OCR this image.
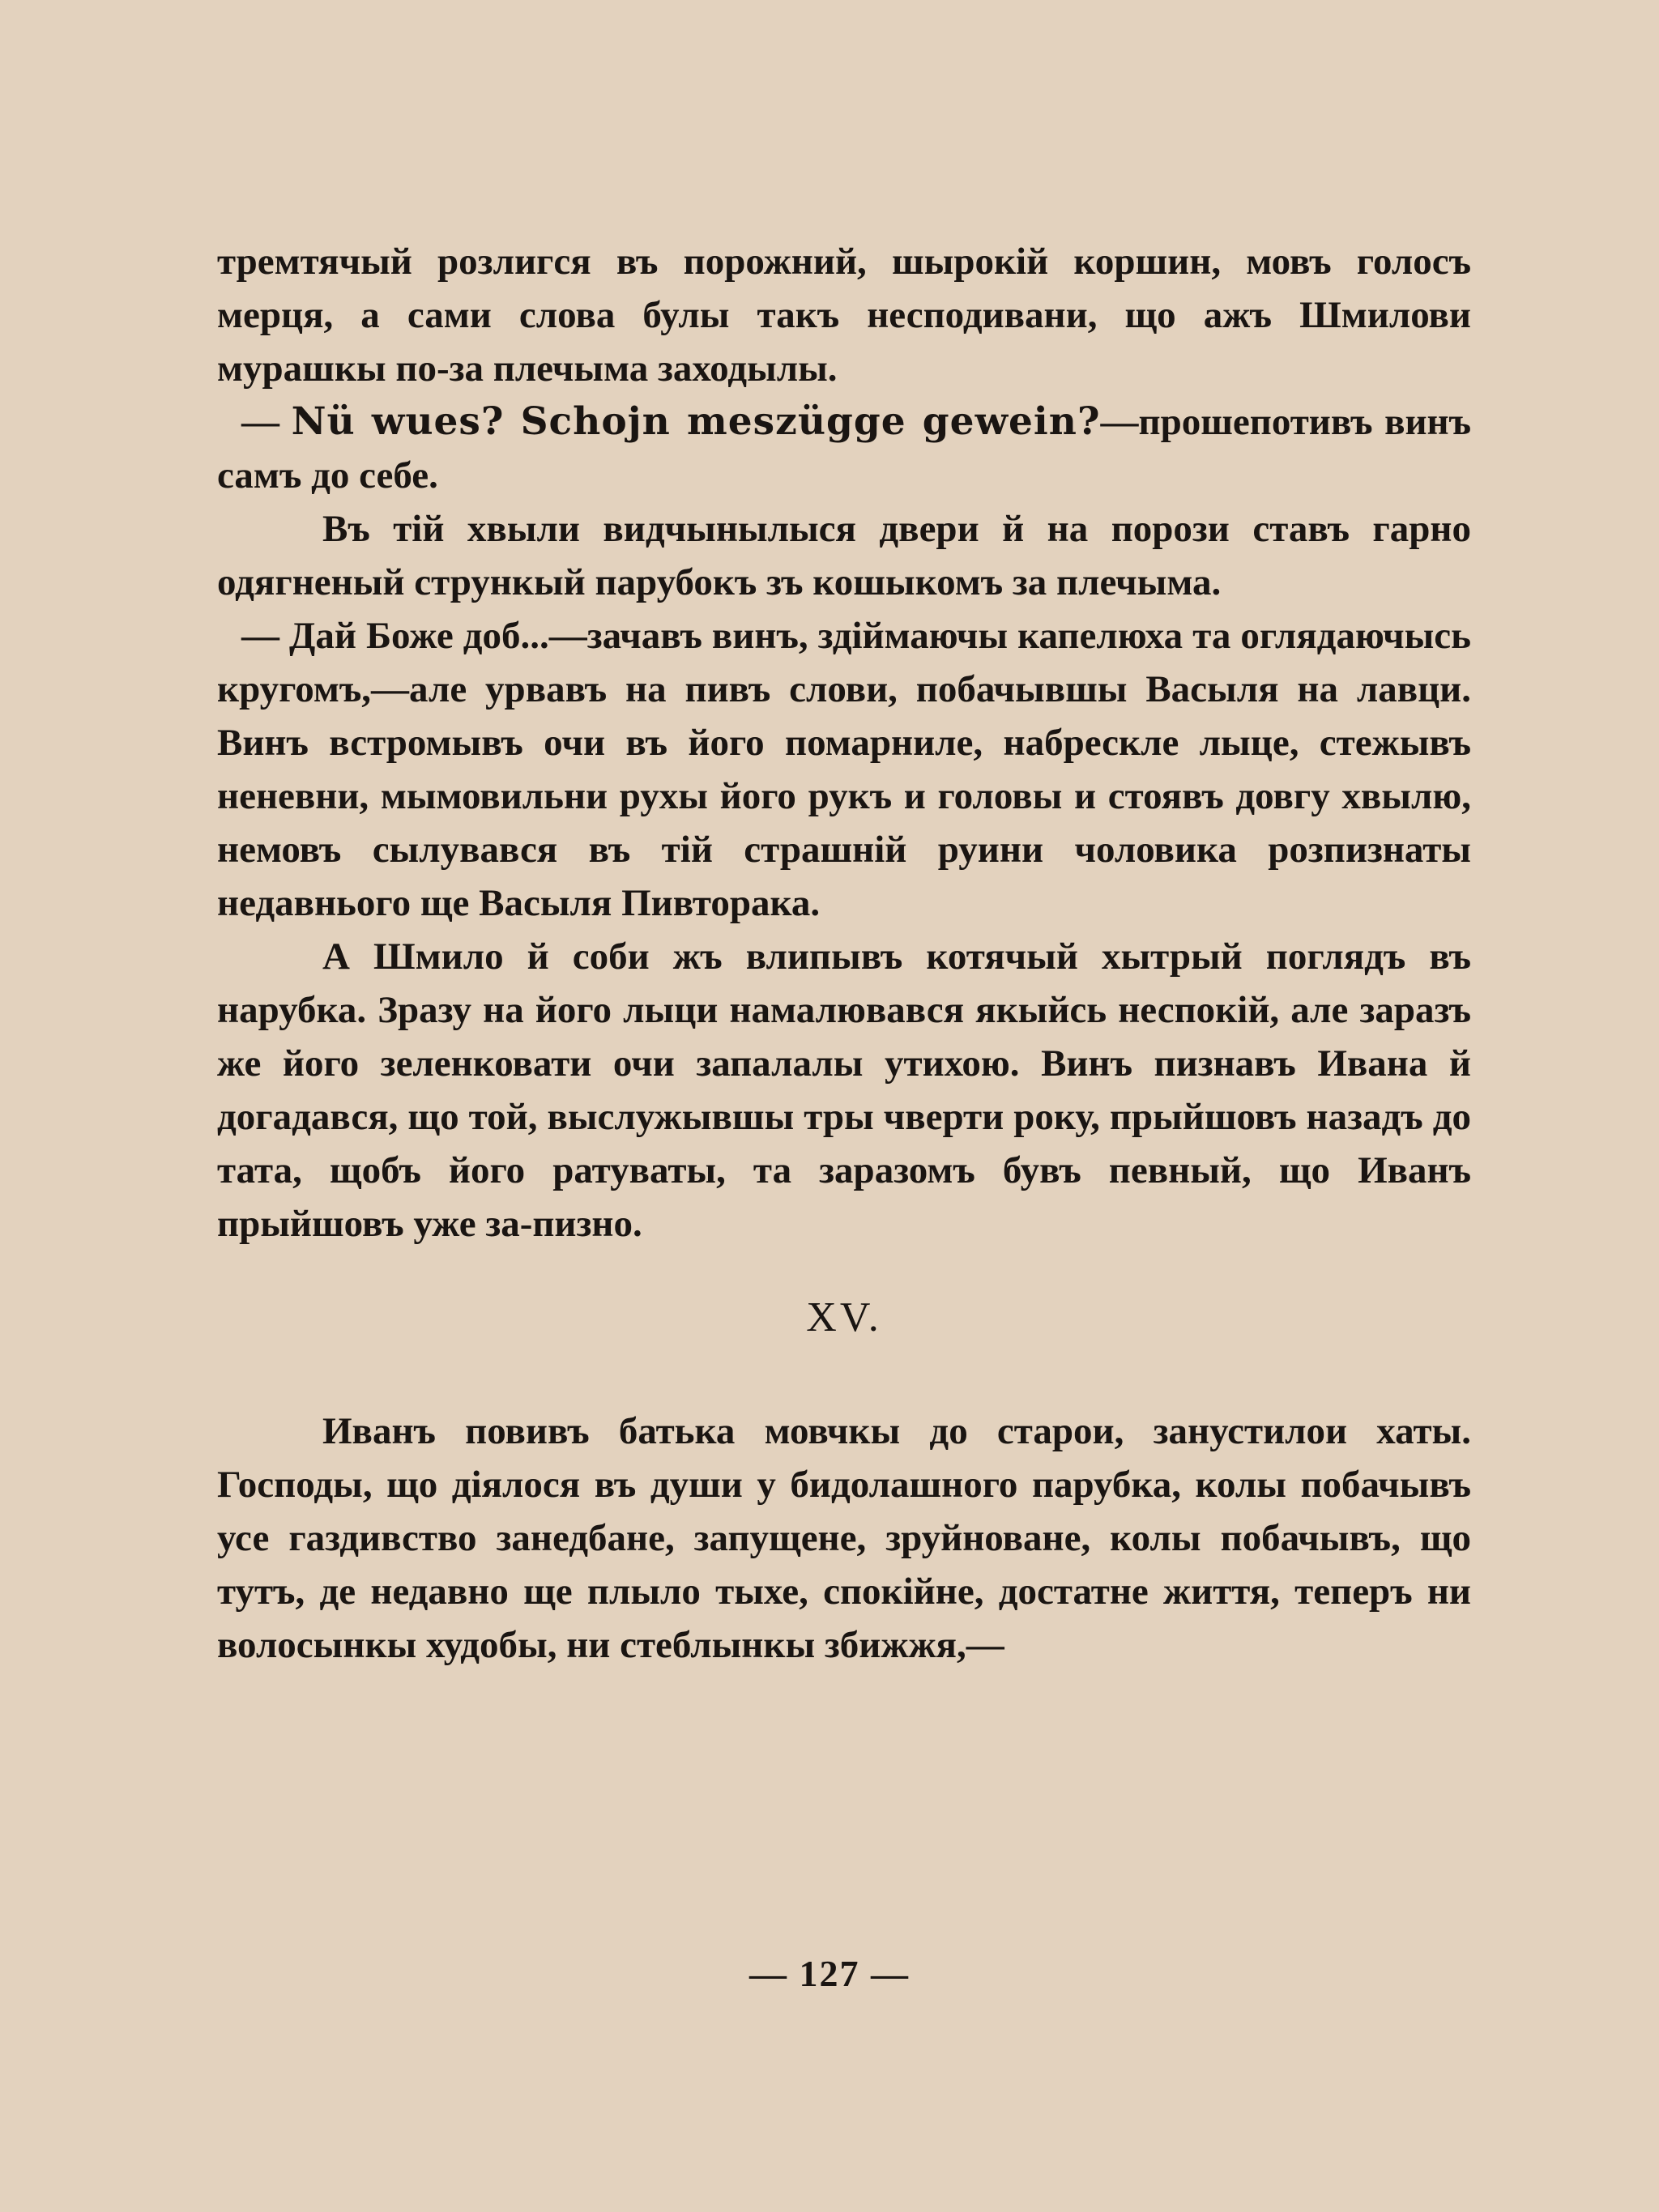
тремтячый розлигся въ порожний, шырокій коршин, мовъ голосъ мерця, а сами слова булы такъ несподивани, що ажъ Шмилови мурашкы по-за плечыма заходылы.

— Nü wues? Schojn meszügge gewein?—прошепотивъ винъ самъ до себе.

Въ тій хвыли видчынылыся двери й на порози ставъ гарно одягненый стрункый парубокъ зъ кошыкомъ за плечыма.

— Дай Боже доб...—зачавъ винъ, здіймаючы капелюха та оглядаючысь кругомъ,—але урвавъ на пивъ слови, побачывшы Васыля на лавци. Винъ встромывъ очи въ його помарниле, набрескле лыце, стежывъ неневни, мымовильни рухы його рукъ и головы и стоявъ довгу хвылю, немовъ сылувався въ тій страшній руини чоловика розпизнаты недавнього ще Васыля Пивторака.

А Шмило й соби жъ влипывъ котячый хытрый поглядъ въ нарубка. Зразу на його лыци намалювався якыйсь неспокій, але заразъ же його зеленковати очи запалалы утихою. Винъ пизнавъ Ивана й догадався, що той, выслужывшы тры чверти року, прыйшовъ назадъ до тата, щобъ його ратуваты, та заразомъ бувъ певный, що Иванъ прыйшовъ уже за-пизно.

XV.

Иванъ повивъ батька мовчкы до старои, занустилои хаты. Господы, що діялося въ души у бидолашного парубка, колы побачывъ усе газдивство занедбане, запущене, зруйноване, колы побачывъ, що тутъ, де недавно ще плыло тыхе, спокійне, достатне життя, теперъ ни волосынкы худобы, ни стеблынкы збижжя,—

— 127 —
